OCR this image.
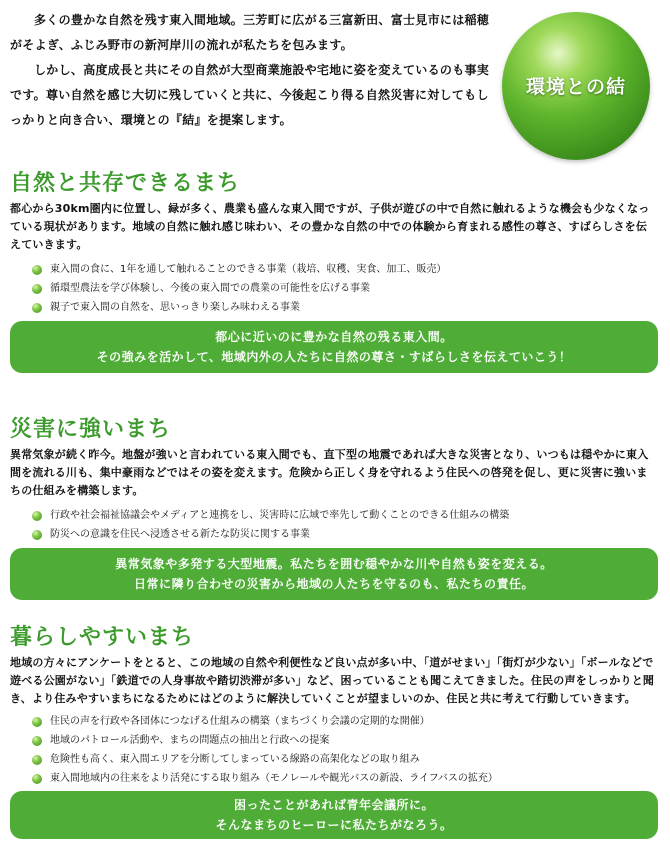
多くの豊かな自然を残す東入間地域。三芳町に広がる三富新田、富士見市には稲穂がそよぎ、ふじみ野市の新河岸川の流れが私たちを包みます。

しかし、高度成長と共にその自然が大型商業施設や宅地に姿を変えているのも事実です。尊い自然を感じ大切に残していくと共に、今後起こり得る自然災害に対してもしっかりと向き合い、環境との『結』を提案します。

環境との結
自然と共存できるまち
都心から30km圏内に位置し、緑が多く、農業も盛んな東入間ですが、子供が遊びの中で自然に触れるような機会も少なくなっている現状があります。地域の自然に触れ感じ味わい、その豊かな自然の中での体験から育まれる感性の尊さ、すばらしさを伝えていきます。
東入間の食に、1年を通して触れることのできる事業（栽培、収穫、実食、加工、販売）
循環型農法を学び体験し、今後の東入間での農業の可能性を広げる事業
親子で東入間の自然を、思いっきり楽しみ味わえる事業
都心に近いのに豊かな自然の残る東入間。
その強みを活かして、地域内外の人たちに自然の尊さ・すばらしさを伝えていこう！
災害に強いまち
異常気象が続く昨今。地盤が強いと言われている東入間でも、直下型の地震であれば大きな災害となり、いつもは穏やかに東入間を流れる川も、集中豪雨などではその姿を変えます。危険から正しく身を守れるよう住民への啓発を促し、更に災害に強いまちの仕組みを構築します。
行政や社会福祉協議会やメディアと連携をし、災害時に広域で率先して動くことのできる仕組みの構築
防災への意識を住民へ浸透させる新たな防災に関する事業
異常気象や多発する大型地震。私たちを囲む穏やかな川や自然も姿を変える。
日常に隣り合わせの災害から地域の人たちを守るのも、私たちの責任。
暮らしやすいまち
地域の方々にアンケートをとると、この地域の自然や利便性など良い点が多い中、「道がせまい」「街灯が少ない」「ボールなどで遊べる公園がない」「鉄道での人身事故や踏切渋滞が多い」など、困っていることも聞こえてきました。住民の声をしっかりと聞き、より住みやすいまちになるためにはどのように解決していくことが望ましいのか、住民と共に考えて行動していきます。
住民の声を行政や各団体につなげる仕組みの構築（まちづくり会議の定期的な開催）
地域のパトロール活動や、まちの問題点の抽出と行政への提案
危険性も高く、東入間エリアを分断してしまっている線路の高架化などの取り組み
東入間地域内の往来をより活発にする取り組み（モノレールや観光バスの新設、ライフバスの拡充）
困ったことがあれば青年会議所に。
そんなまちのヒーローに私たちがなろう。
